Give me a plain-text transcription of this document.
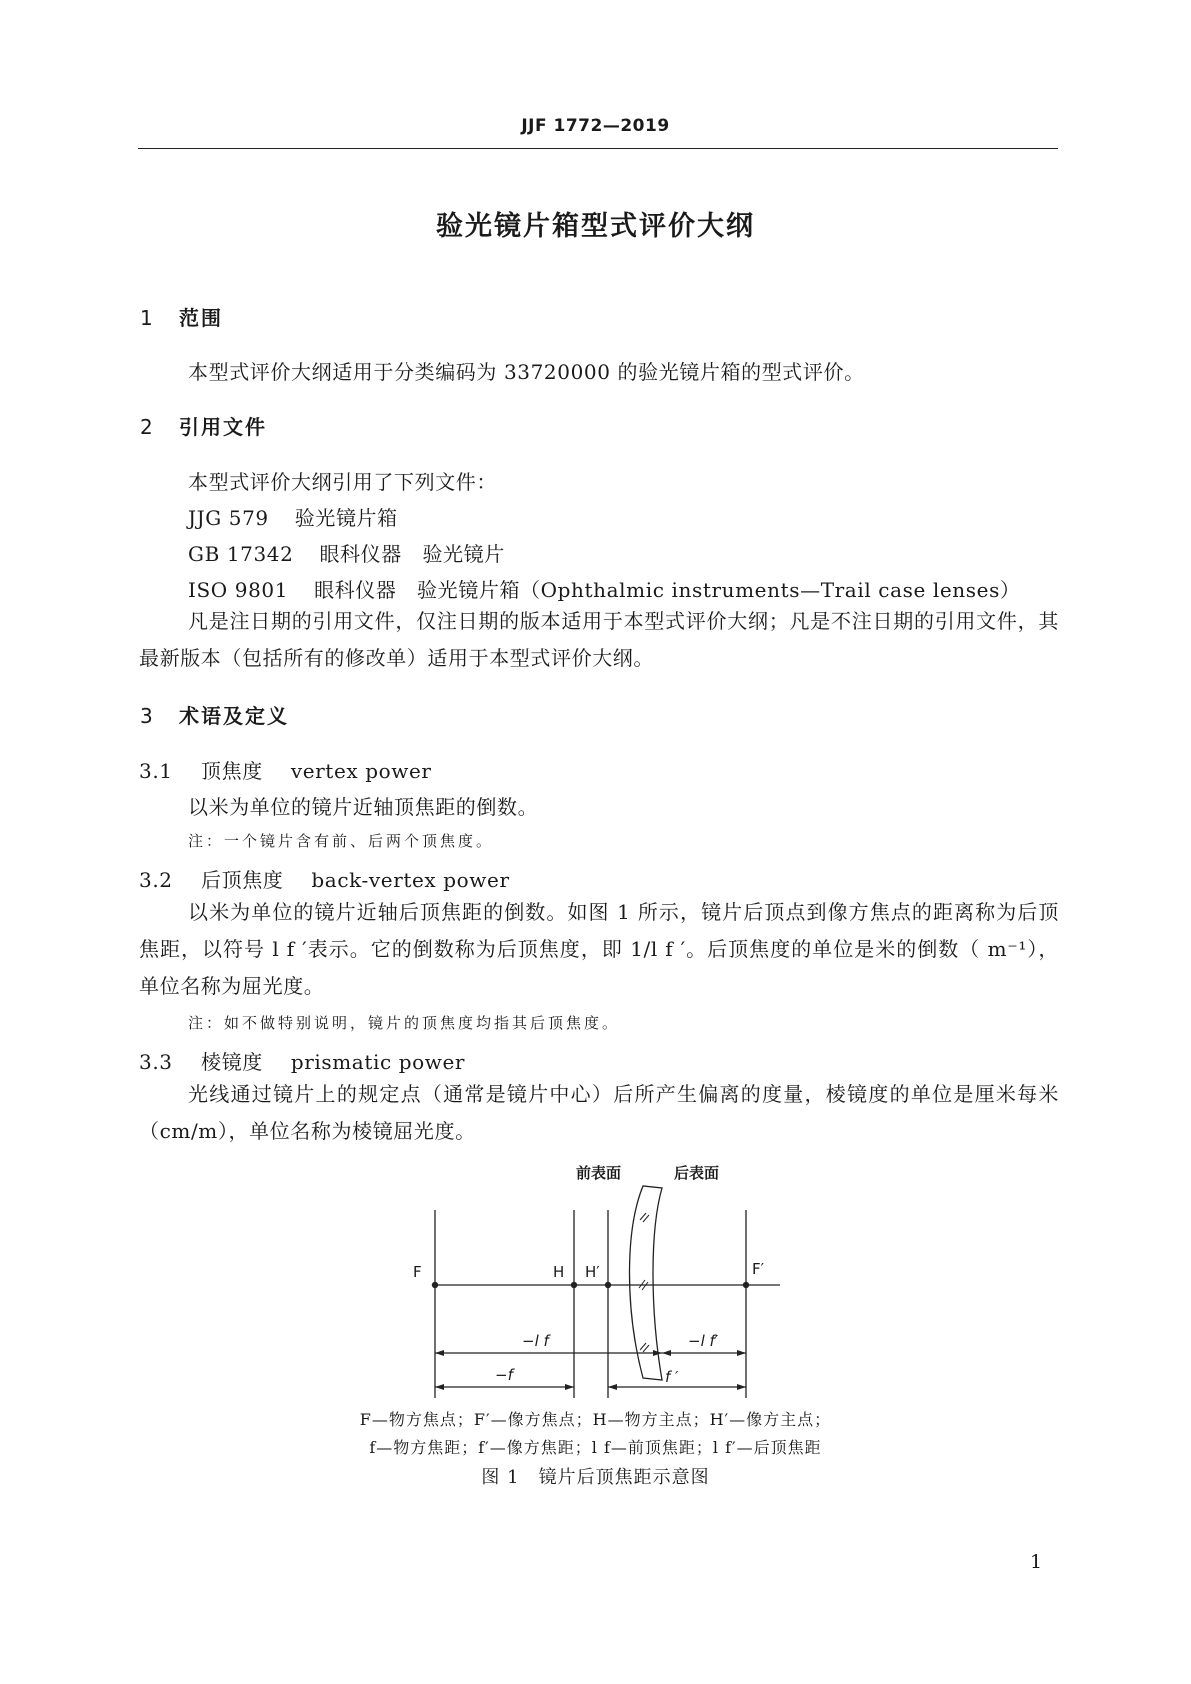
JJF 1772—2019
验光镜片箱型式评价大纲
1 范围
本型式评价大纲适用于分类编码为 33720000 的验光镜片箱的型式评价。
2 引用文件
本型式评价大纲引用了下列文件：
JJG 579 验光镜片箱
GB 17342 眼科仪器　验光镜片
ISO 9801 眼科仪器　验光镜片箱（Ophthalmic instruments—Trail case lenses）
凡是注日期的引用文件，仅注日期的版本适用于本型式评价大纲；凡是不注日期的引用文件，其最新版本（包括所有的修改单）适用于本型式评价大纲。
3 术语及定义
3.1 顶焦度 vertex power
以米为单位的镜片近轴顶焦距的倒数。
注：一个镜片含有前、后两个顶焦度。
3.2 后顶焦度 back-vertex power
以米为单位的镜片近轴后顶焦距的倒数。如图 1 所示，镜片后顶点到像方焦点的距离称为后顶焦距，以符号 l f ′表示。它的倒数称为后顶焦度，即 1/l f ′。后顶焦度的单位是米的倒数（ m⁻¹），单位名称为屈光度。
注：如不做特别说明，镜片的顶焦度均指其后顶焦度。
3.3 棱镜度 prismatic power
光线通过镜片上的规定点（通常是镜片中心）后所产生偏离的度量，棱镜度的单位是厘米每米（cm/m），单位名称为棱镜屈光度。
前表面	后表面
F	H H′	F′
−l f	−l f′
−f	f ′
F—物方焦点；F′—像方焦点；H—物方主点；H′—像方主点；
f—物方焦距；f′—像方焦距；l f—前顶焦距；l f′—后顶焦距
图 1　镜片后顶焦距示意图
1
